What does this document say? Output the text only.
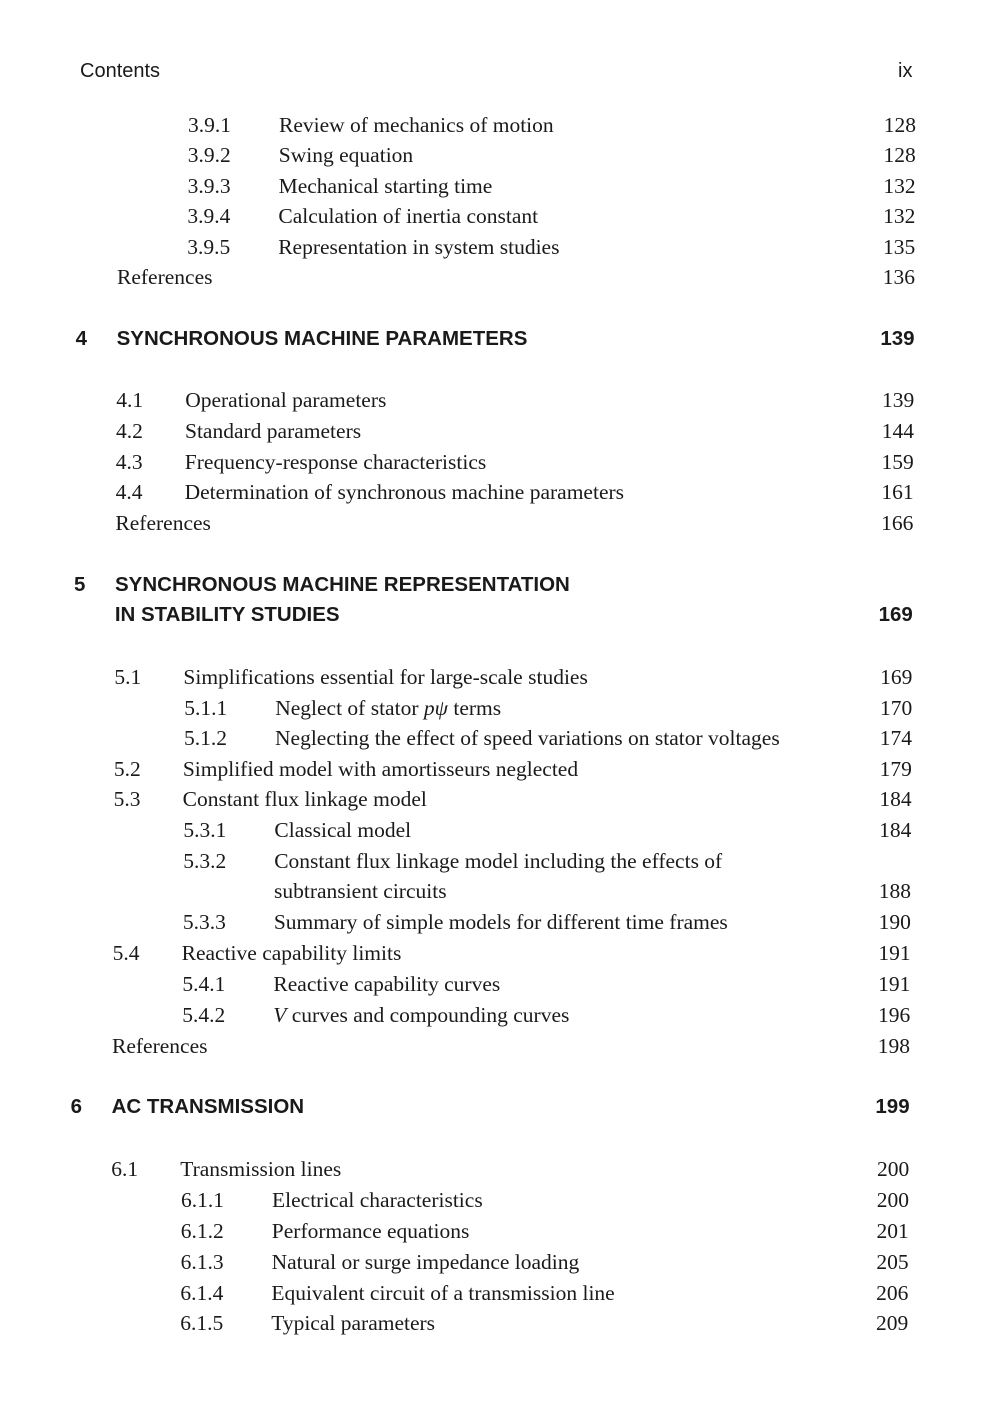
Contents	ix
3.9.1 Review of mechanics of motion	128
3.9.2 Swing equation	128
3.9.3 Mechanical starting time	132
3.9.4 Calculation of inertia constant	132
3.9.5 Representation in system studies	135
References	136
4 SYNCHRONOUS MACHINE PARAMETERS	139
4.1 Operational parameters	139
4.2 Standard parameters	144
4.3 Frequency-response characteristics	159
4.4 Determination of synchronous machine parameters	161
References	166
5 SYNCHRONOUS MACHINE REPRESENTATION
IN STABILITY STUDIES	169
5.1 Simplifications essential for large-scale studies	169
5.1.1 Neglect of stator pψ terms	170
5.1.2 Neglecting the effect of speed variations on stator voltages	174
5.2 Simplified model with amortisseurs neglected	179
5.3 Constant flux linkage model	184
5.3.1 Classical model	184
5.3.2 Constant flux linkage model including the effects of
subtransient circuits	188
5.3.3 Summary of simple models for different time frames	190
5.4 Reactive capability limits	191
5.4.1 Reactive capability curves	191
5.4.2 V curves and compounding curves	196
References	198
6 AC TRANSMISSION	199
6.1 Transmission lines	200
6.1.1 Electrical characteristics	200
6.1.2 Performance equations	201
6.1.3 Natural or surge impedance loading	205
6.1.4 Equivalent circuit of a transmission line	206
6.1.5 Typical parameters	209
